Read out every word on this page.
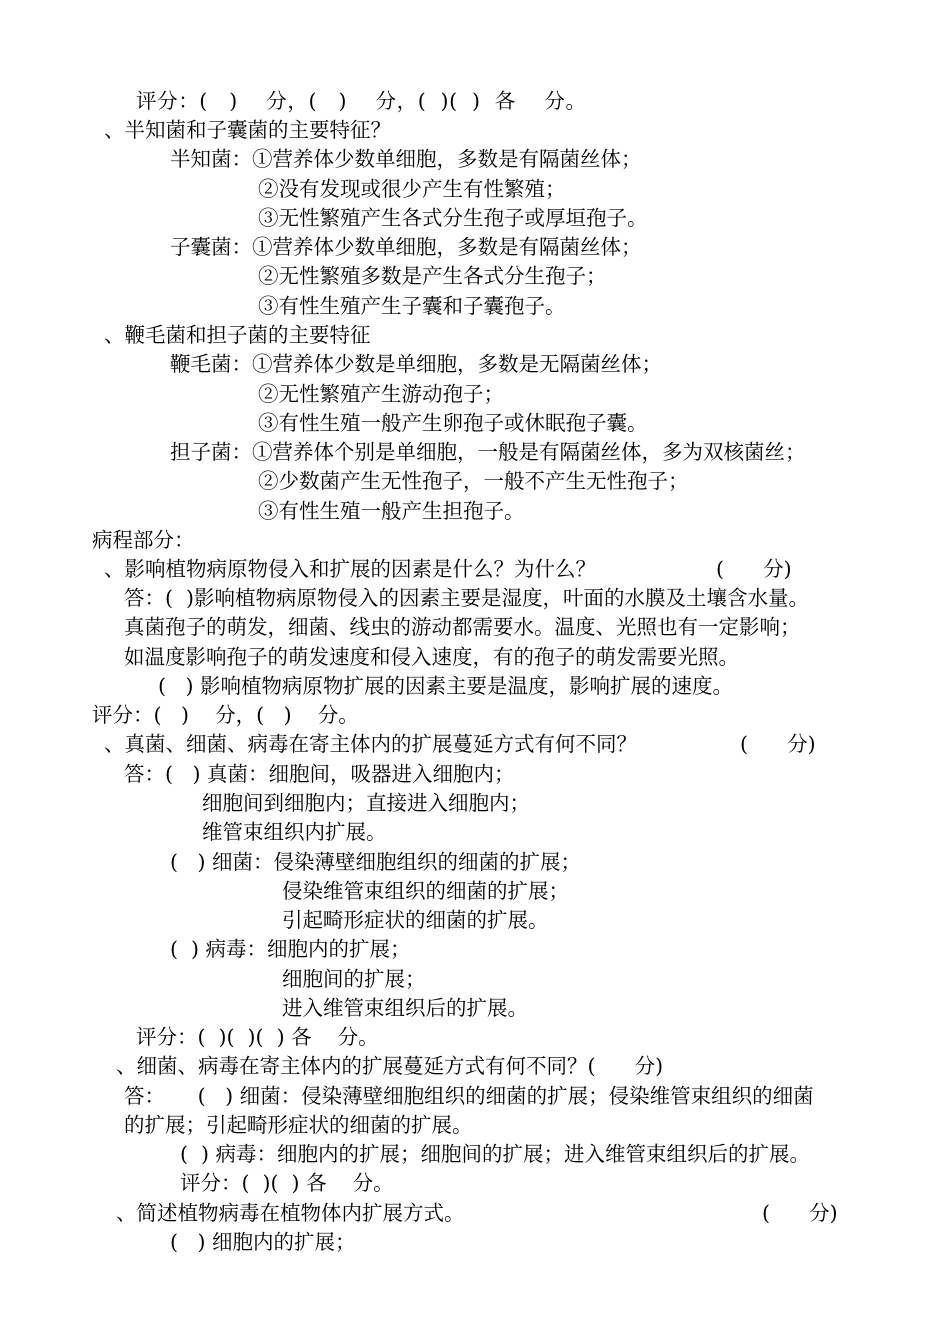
评分：(   )    分，(   )    分，(  )(  )  各    分。
、半知菌和子囊菌的主要特征？
半知菌：①营养体少数单细胞，多数是有隔菌丝体；
②没有发现或很少产生有性繁殖；
③无性繁殖产生各式分生孢子或厚垣孢子。
子囊菌：①营养体少数单细胞，多数是有隔菌丝体；
②无性繁殖多数是产生各式分生孢子；
③有性生殖产生子囊和子囊孢子。
、鞭毛菌和担子菌的主要特征
鞭毛菌：①营养体少数是单细胞，多数是无隔菌丝体；
②无性繁殖产生游动孢子；
③有性生殖一般产生卵孢子或休眠孢子囊。
担子菌：①营养体个别是单细胞，一般是有隔菌丝体，多为双核菌丝；
②少数菌产生无性孢子，一般不产生无性孢子；
③有性生殖一般产生担孢子。
病程部分：
、影响植物病原物侵入和扩展的因素是什么？为什么？	(      分)
答：(  )影响植物病原物侵入的因素主要是湿度，叶面的水膜及土壤含水量。
真菌孢子的萌发，细菌、线虫的游动都需要水。温度、光照也有一定影响；
如温度影响孢子的萌发速度和侵入速度，有的孢子的萌发需要光照。
(   ) 影响植物病原物扩展的因素主要是温度，影响扩展的速度。
评分：(   )    分，(   )    分。
、真菌、细菌、病毒在寄主体内的扩展蔓延方式有何不同？	(      分)
答：(   ) 真菌：细胞间，吸器进入细胞内；
细胞间到细胞内；直接进入细胞内；
维管束组织内扩展。
(   ) 细菌：侵染薄壁细胞组织的细菌的扩展；
侵染维管束组织的细菌的扩展；
引起畸形症状的细菌的扩展。
(  ) 病毒：细胞内的扩展；
细胞间的扩展；
进入维管束组织后的扩展。
评分：(  )(  )(  ) 各    分。
、细菌、病毒在寄主体内的扩展蔓延方式有何不同？(      分)
答：     (   ) 细菌：侵染薄壁细胞组织的细菌的扩展；侵染维管束组织的细菌
的扩展；引起畸形症状的细菌的扩展。
(  ) 病毒：细胞内的扩展；细胞间的扩展；进入维管束组织后的扩展。
评分：(  )(  ) 各    分。
、简述植物病毒在植物体内扩展方式。	(      分)
(   ) 细胞内的扩展；
